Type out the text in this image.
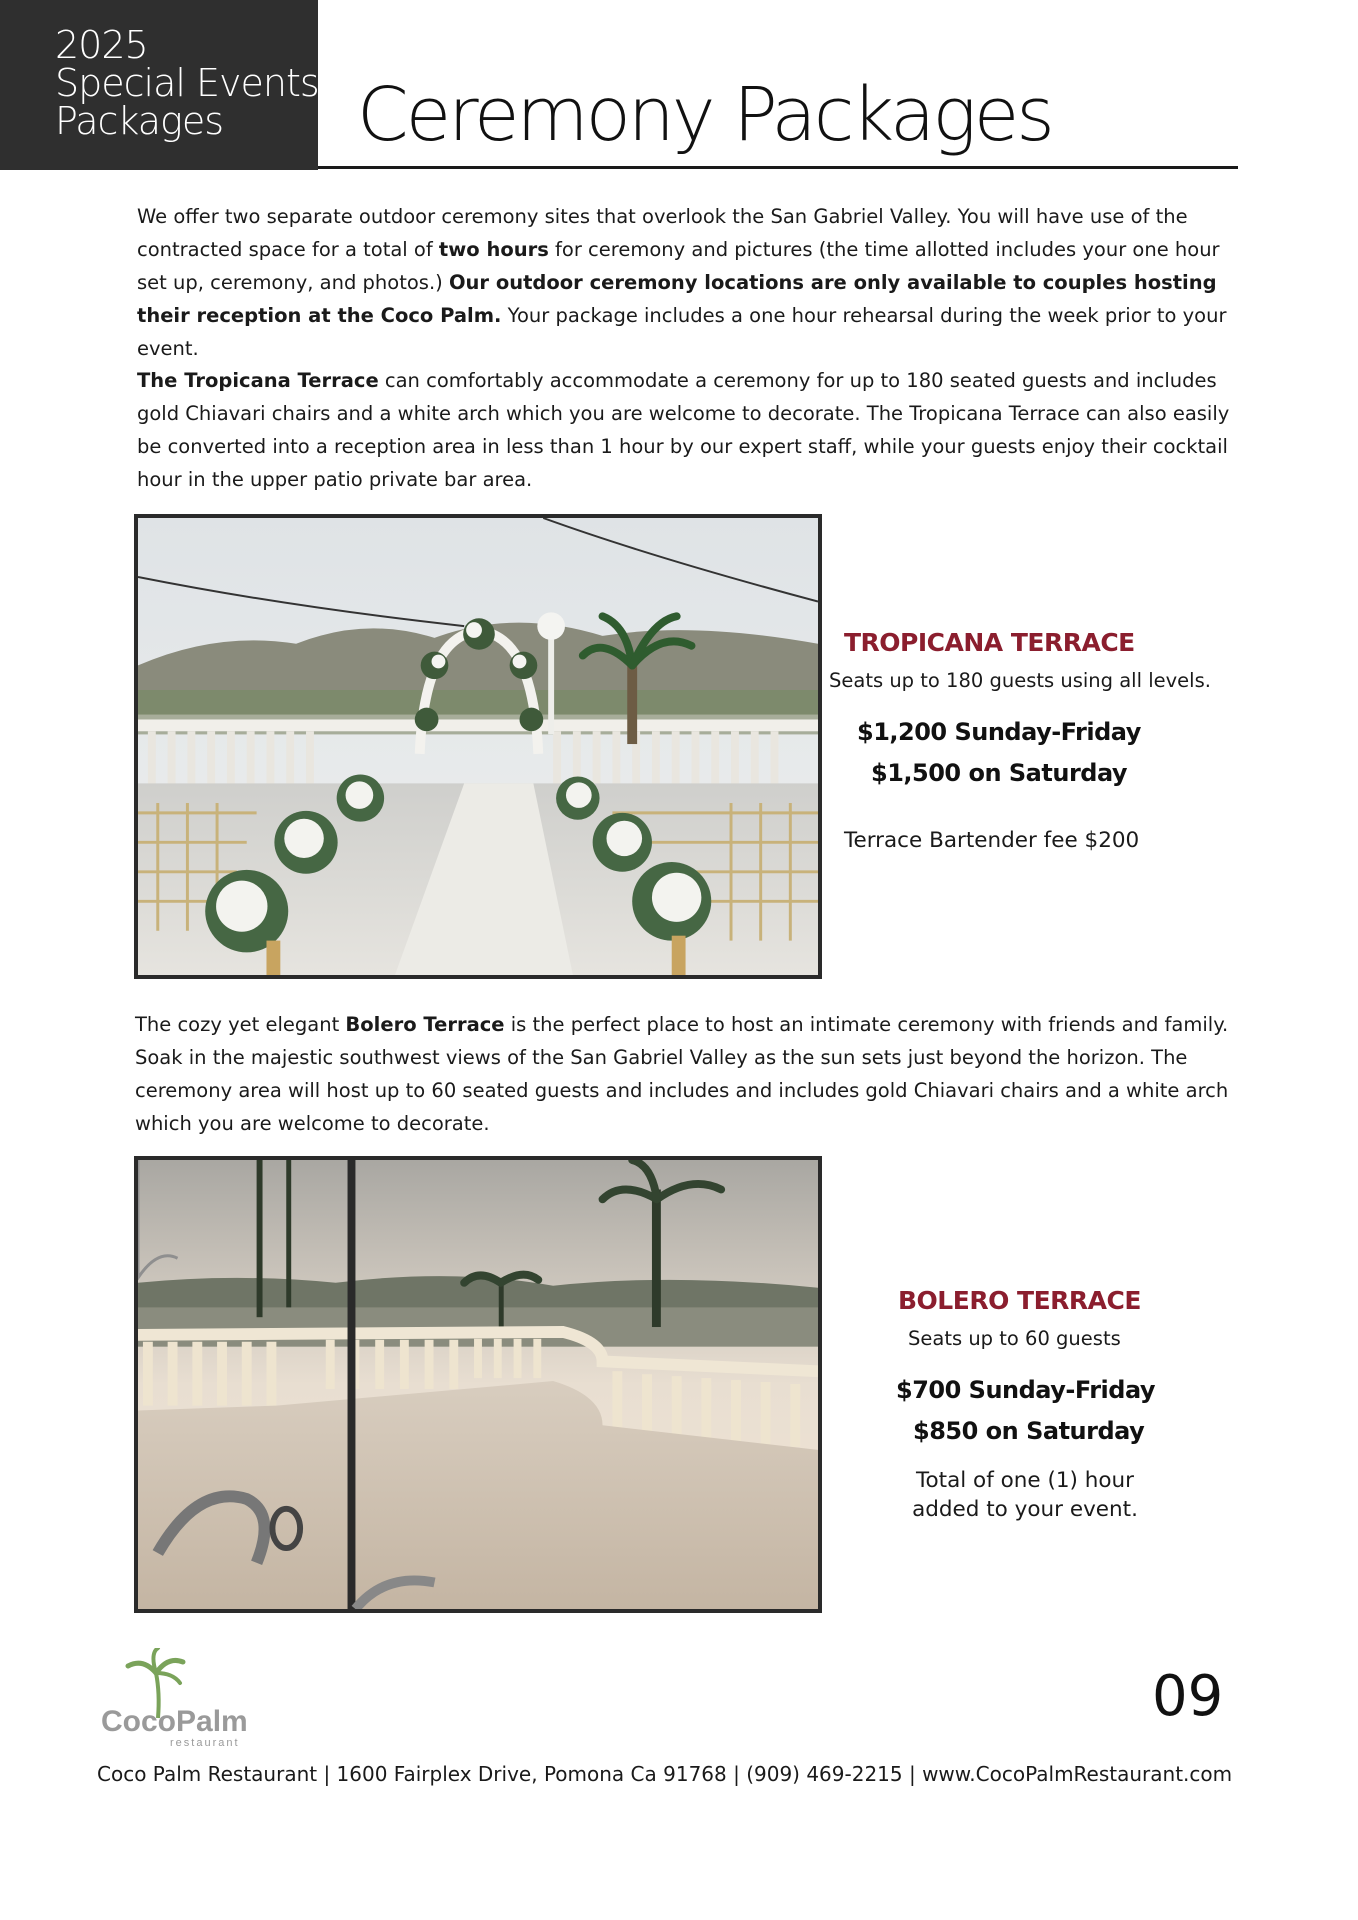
2025
Special Events
Packages	Ceremony Packages

We offer two separate outdoor ceremony sites that overlook the San Gabriel Valley. You will have use of the contracted space for a total of two hours for ceremony and pictures (the time allotted includes your one hour set up, ceremony, and photos.) Our outdoor ceremony locations are only available to couples hosting their reception at the Coco Palm. Your package includes a one hour rehearsal during the week prior to your event.

The Tropicana Terrace can comfortably accommodate a ceremony for up to 180 seated guests and includes gold Chiavari chairs and a white arch which you are welcome to decorate. The Tropicana Terrace can also easily be converted into a reception area in less than 1 hour by our expert staff, while your guests enjoy their cocktail hour in the upper patio private bar area.

TROPICANA TERRACE
Seats up to 180 guests using all levels.
$1,200 Sunday-Friday
$1,500 on Saturday
Terrace Bartender fee $200

The cozy yet elegant Bolero Terrace is the perfect place to host an intimate ceremony with friends and family. Soak in the majestic southwest views of the San Gabriel Valley as the sun sets just beyond the horizon. The ceremony area will host up to 60 seated guests and includes and includes gold Chiavari chairs and a white arch which you are welcome to decorate.

BOLERO TERRACE
Seats up to 60 guests
$700 Sunday-Friday
$850 on Saturday
Total of one (1) hour added to your event.
CocoPalm
restaurant
09
Coco Palm Restaurant | 1600 Fairplex Drive, Pomona Ca 91768 | (909) 469-2215 | www.CocoPalmRestaurant.com
